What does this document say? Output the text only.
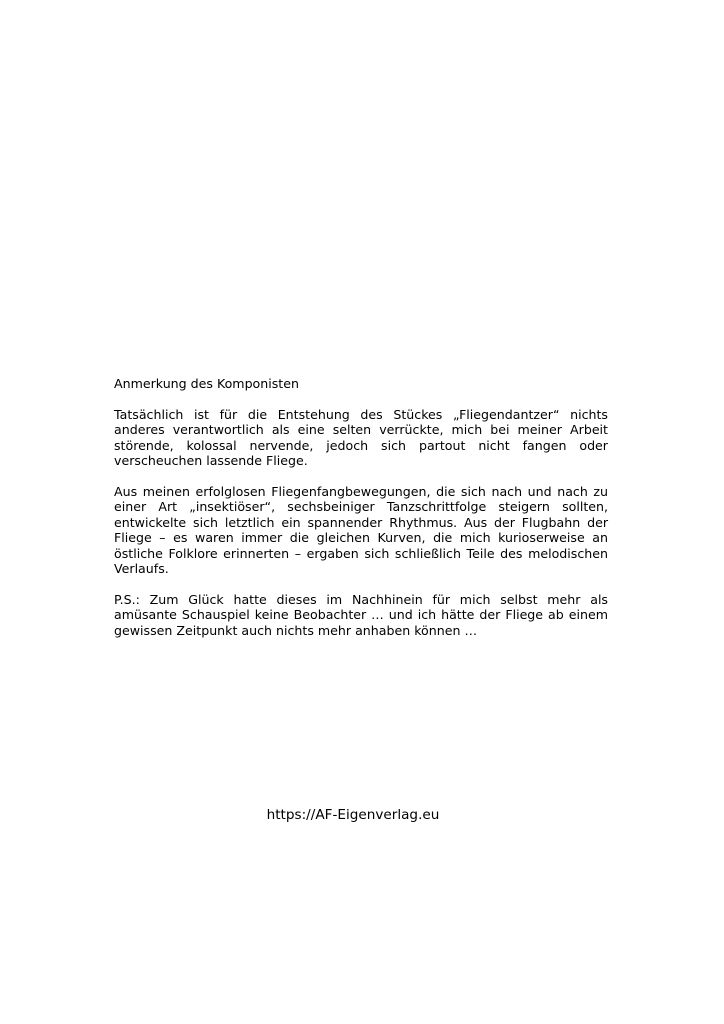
Anmerkung des Komponisten

Tatsächlich ist für die Entstehung des Stückes „Fliegendantzer“ nichts anderes verantwortlich als eine selten verrückte, mich bei meiner Arbeit störende, kolossal nervende, jedoch sich partout nicht fangen oder verscheuchen lassende Fliege.

Aus meinen erfolglosen Fliegenfangbewegungen, die sich nach und nach zu einer Art „insektiöser“, sechsbeiniger Tanzschrittfolge steigern sollten, entwickelte sich letztlich ein spannender Rhythmus. Aus der Flugbahn der Fliege – es waren immer die gleichen Kurven, die mich kurioserweise an östliche Folklore erinnerten – ergaben sich schließlich Teile des melodischen Verlaufs.

P.S.: Zum Glück hatte dieses im Nachhinein für mich selbst mehr als amüsante Schauspiel keine Beobachter … und ich hätte der Fliege ab einem gewissen Zeitpunkt auch nichts mehr anhaben können …

https://AF-Eigenverlag.eu
